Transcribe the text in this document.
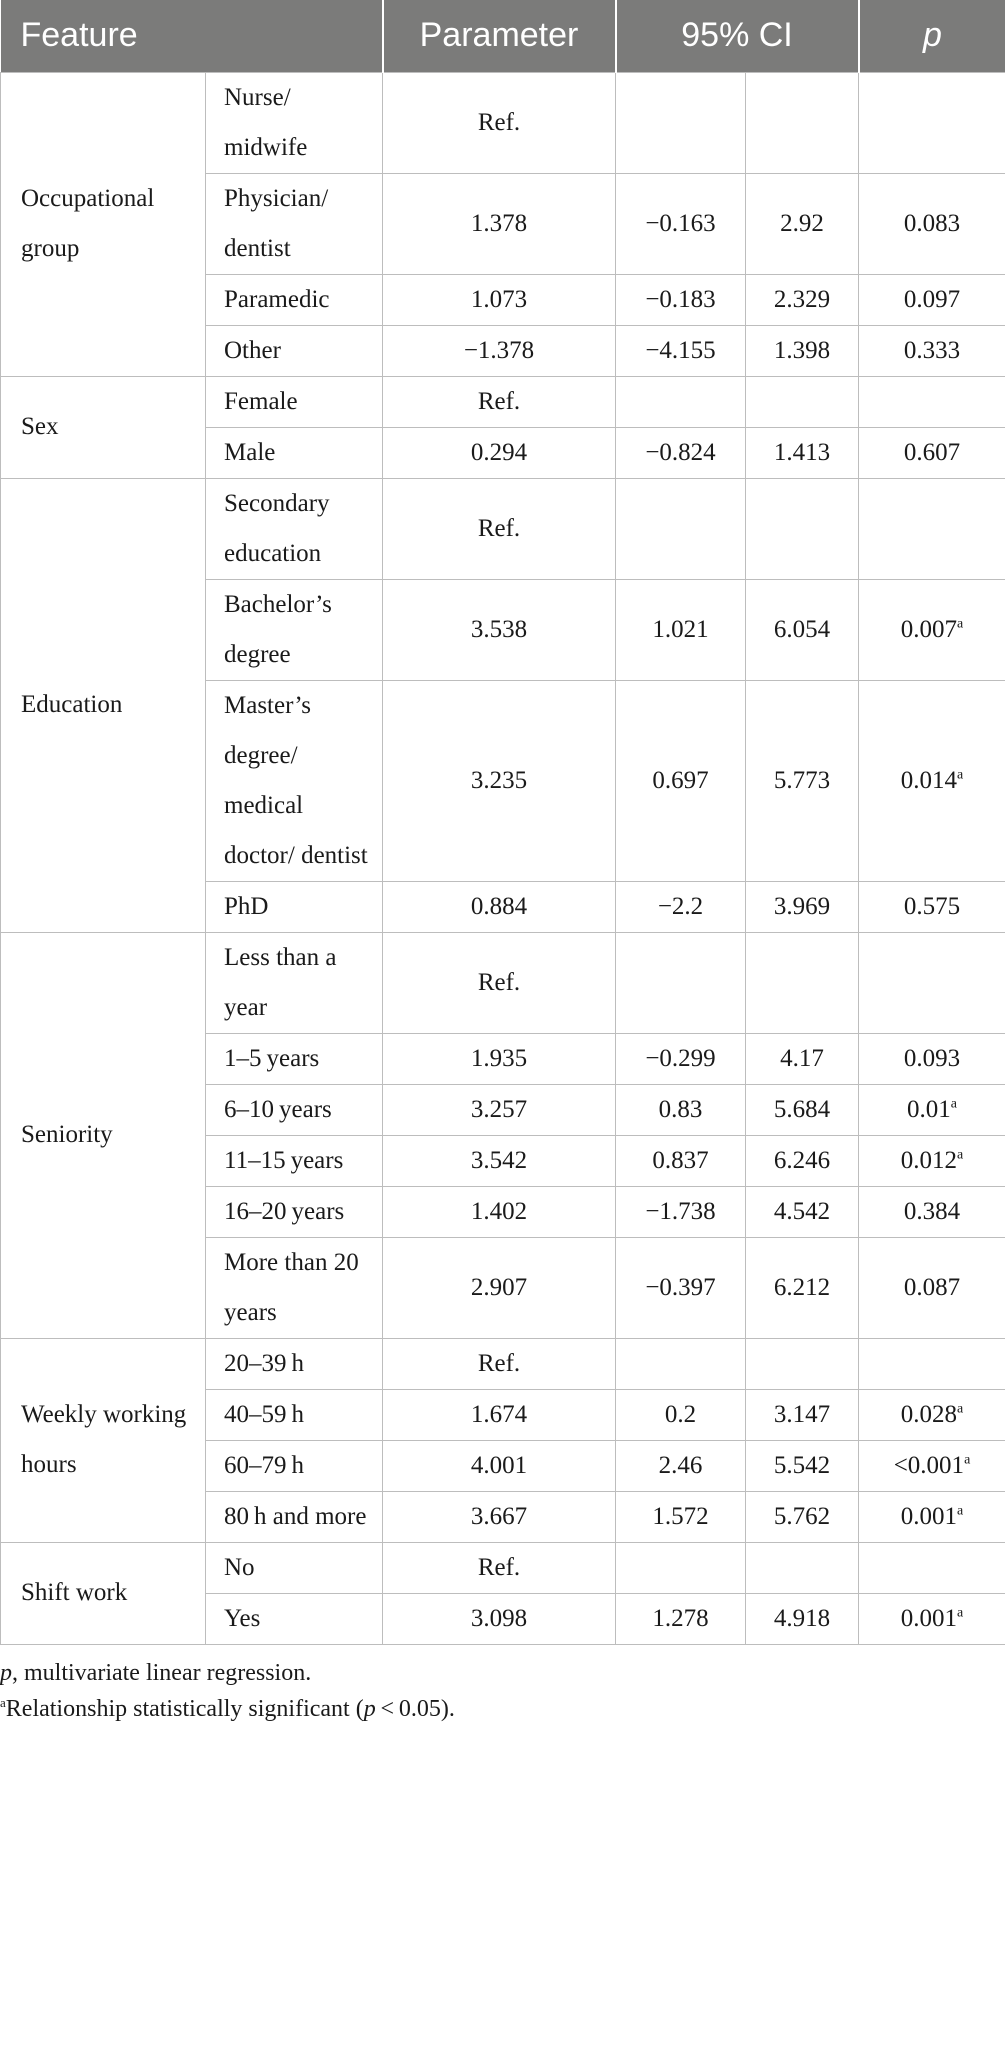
Feature		Parameter	95% CI		p
Occupational group	Nurse/ midwife	Ref.			
	Physician/ dentist	1.378	−0.163	2.92	0.083
	Paramedic	1.073	−0.183	2.329	0.097
	Other	−1.378	−4.155	1.398	0.333
Sex	Female	Ref.			
	Male	0.294	−0.824	1.413	0.607
Education	Secondary education	Ref.			
	Bachelor’s degree	3.538	1.021	6.054	0.007$^a$
	Master’s degree/ medical doctor/ dentist	3.235	0.697	5.773	0.014$^a$
	PhD	0.884	−2.2	3.969	0.575
Seniority	Less than a year	Ref.			
	1–5 years	1.935	−0.299	4.17	0.093
	6–10 years	3.257	0.83	5.684	0.01$^a$
	11–15 years	3.542	0.837	6.246	0.012$^a$
	16–20 years	1.402	−1.738	4.542	0.384
	More than 20 years	2.907	−0.397	6.212	0.087
Weekly working hours	20–39 h	Ref.			
	40–59 h	1.674	0.2	3.147	0.028$^a$
	60–79 h	4.001	2.46	5.542	<0.001$^a$
	80 h and more	3.667	1.572	5.762	0.001$^a$
Shift work	No	Ref.			
	Yes	3.098	1.278	4.918	0.001$^a$
p, multivariate linear regression.
$^a$Relationship statistically significant (p < 0.05).
